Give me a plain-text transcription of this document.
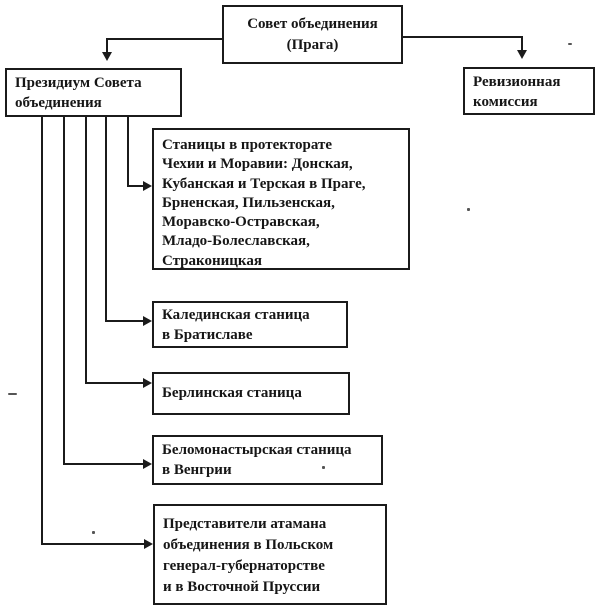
Совет объединения
(Прага)
Президиум Совета
объединения
Ревизионная
комиссия
Станицы в протекторате
Чехии и Моравии: Донская,
Кубанская и Терская в Праге,
Брненская, Пильзенская,
Моравско-Остравская,
Младо-Болеславская,
Страконицкая
Калединская станица
в Братиславе
Берлинская станица
Беломонастырская станица
в Венгрии
Представители атамана
объединения в Польском
генерал-губернаторстве
и в Восточной Пруссии
